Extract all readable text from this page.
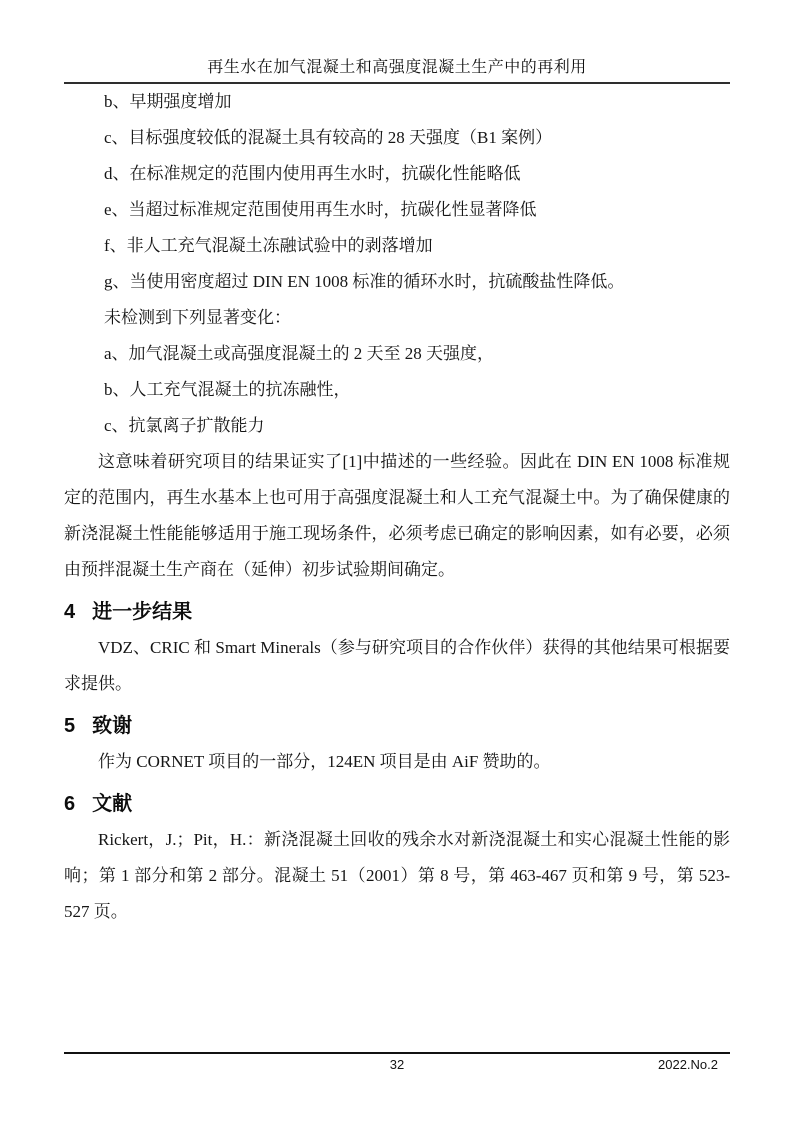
再生水在加气混凝土和高强度混凝土生产中的再利用
b、早期强度增加
c、目标强度较低的混凝土具有较高的 28 天强度（B1 案例）
d、在标准规定的范围内使用再生水时，抗碳化性能略低
e、当超过标准规定范围使用再生水时，抗碳化性显著降低
f、非人工充气混凝土冻融试验中的剥落增加
g、当使用密度超过 DIN EN 1008 标准的循环水时，抗硫酸盐性降低。
未检测到下列显著变化：
a、加气混凝土或高强度混凝土的 2 天至 28 天强度，
b、人工充气混凝土的抗冻融性，
c、抗氯离子扩散能力

这意味着研究项目的结果证实了[1]中描述的一些经验。因此在 DIN EN 1008 标准规定的范围内，再生水基本上也可用于高强度混凝土和人工充气混凝土中。为了确保健康的新浇混凝土性能能够适用于施工现场条件，必须考虑已确定的影响因素，如有必要，必须由预拌混凝土生产商在（延伸）初步试验期间确定。

4 进一步结果

VDZ、CRIC 和 Smart Minerals（参与研究项目的合作伙伴）获得的其他结果可根据要求提供。

5 致谢

作为 CORNET 项目的一部分，124EN 项目是由 AiF 赞助的。

6 文献

Rickert，J.；Pit，H.：新浇混凝土回收的残余水对新浇混凝土和实心混凝土性能的影响；第 1 部分和第 2 部分。混凝土 51（2001）第 8 号，第 463-467 页和第 9 号，第 523-527 页。

32	2022.No.2
